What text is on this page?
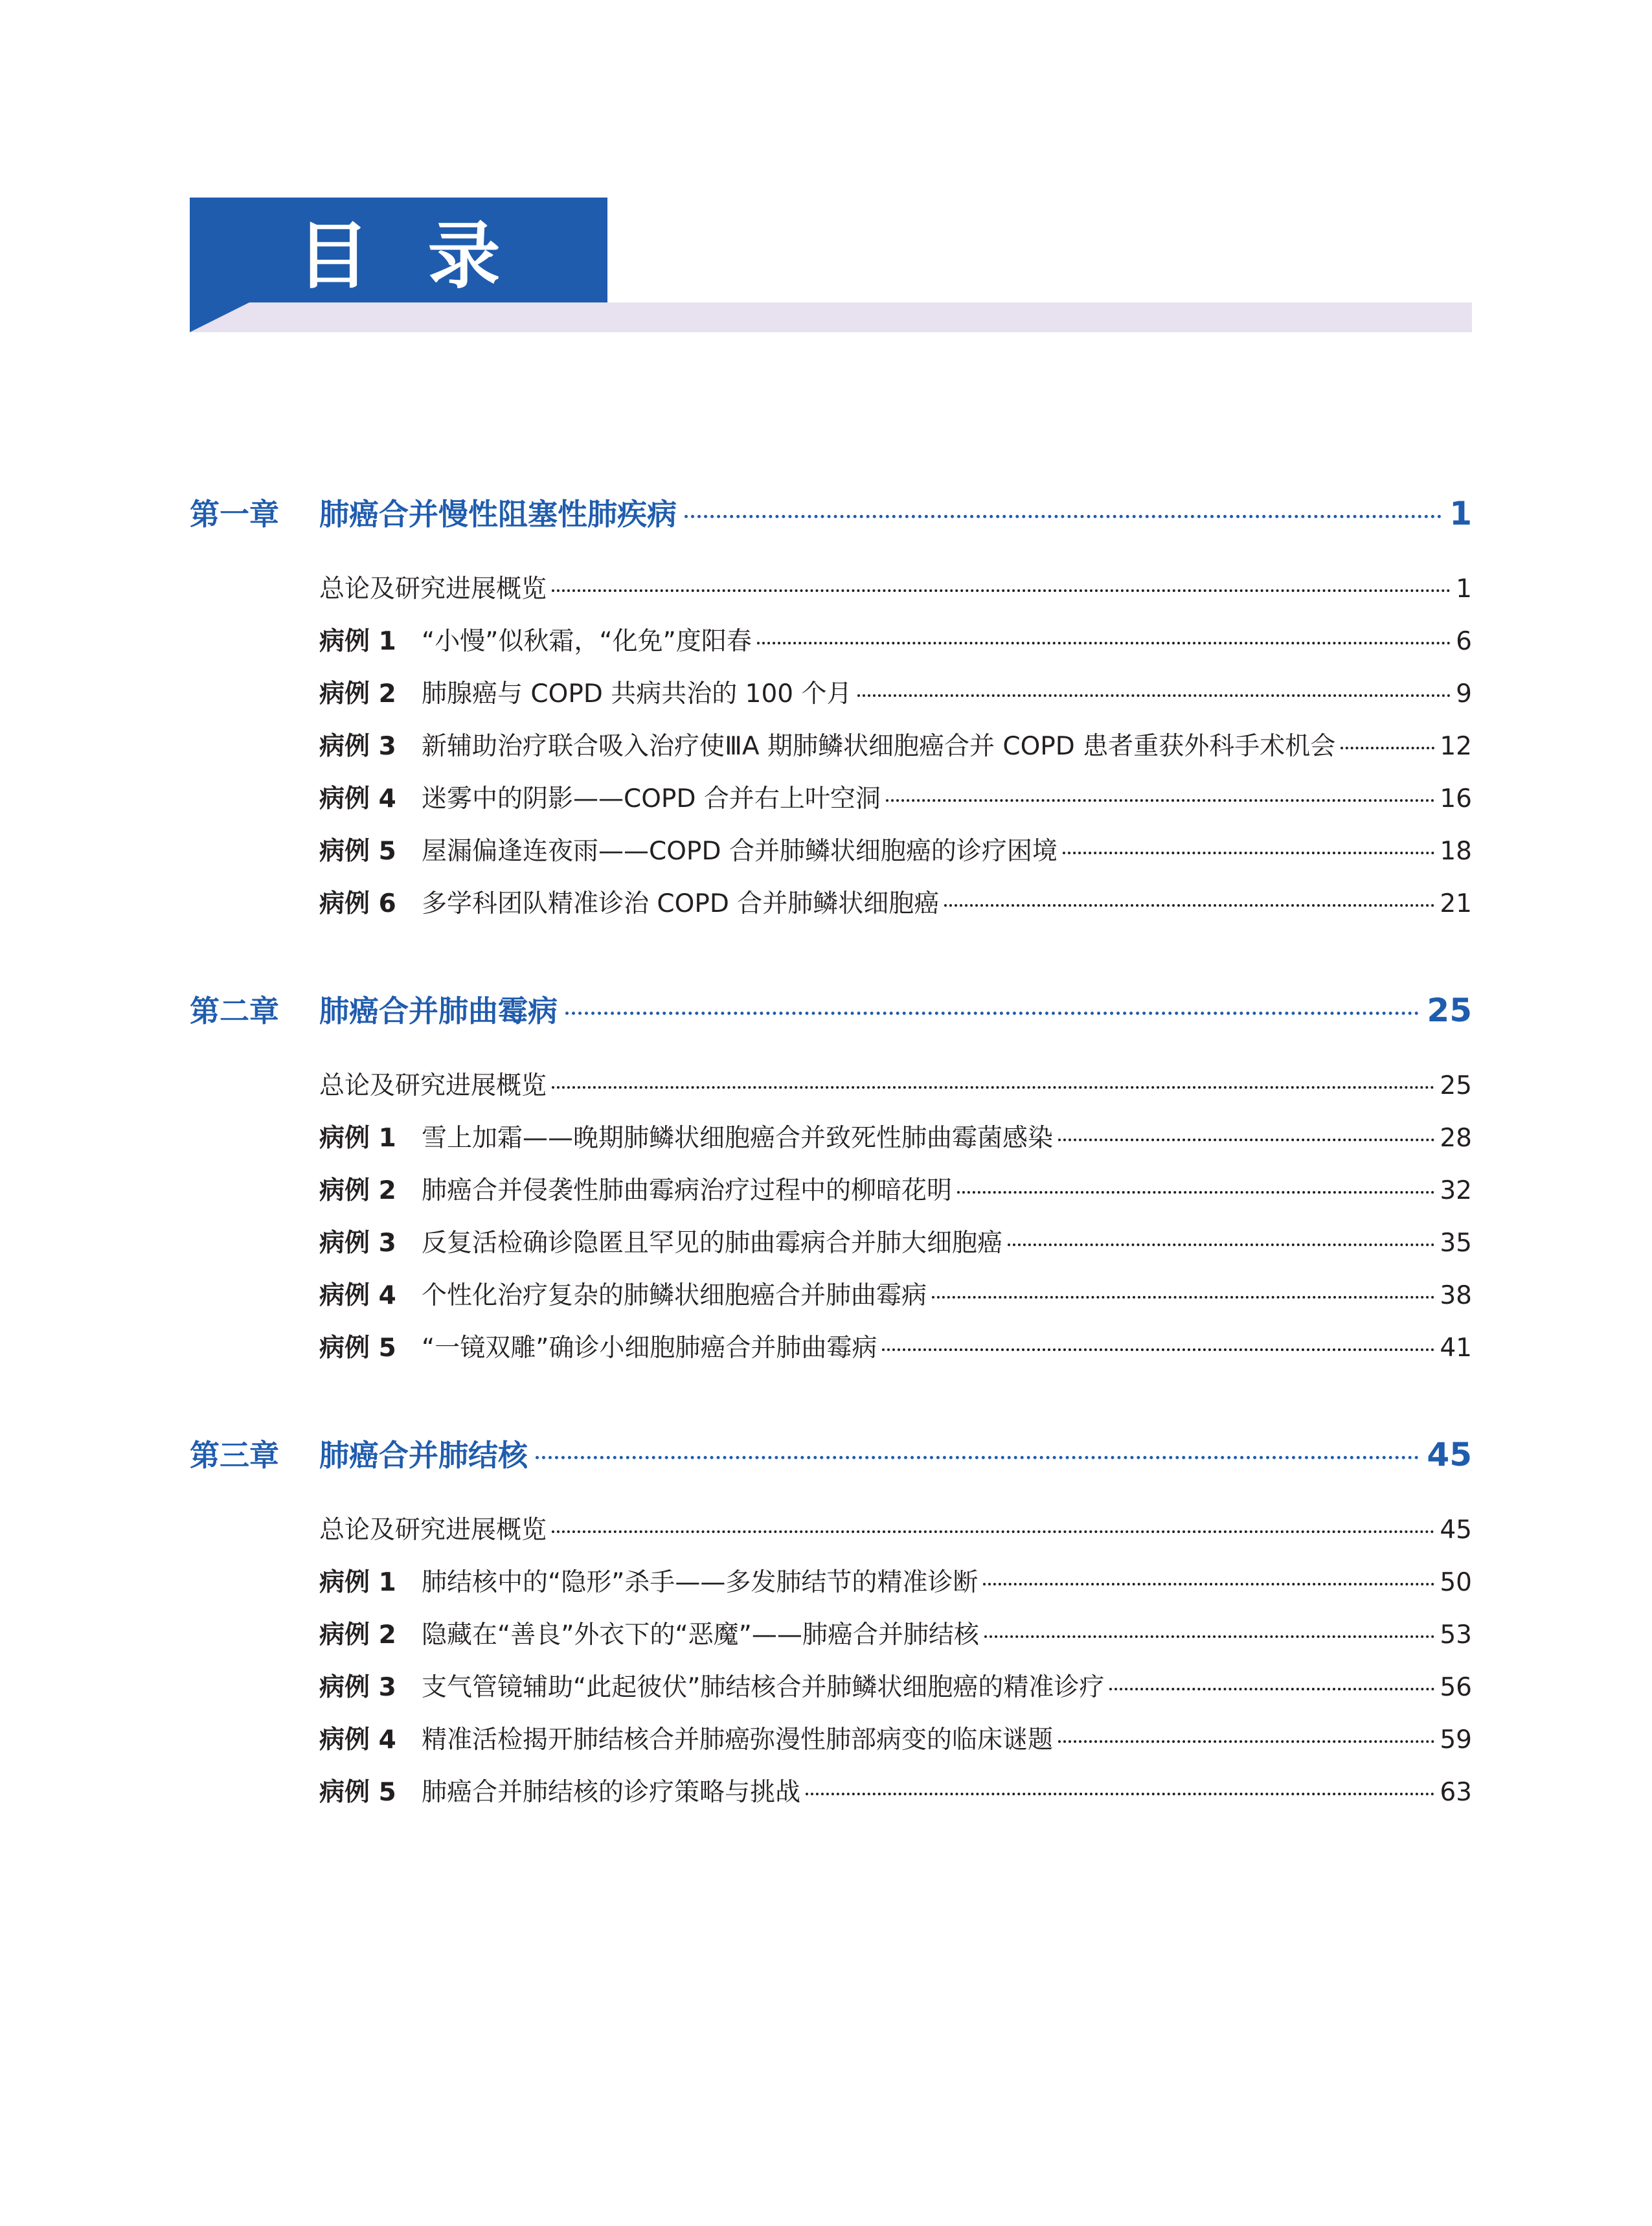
目录
第一章	肺癌合并慢性阻塞性肺疾病	1
总论及研究进展概览	1
病例 1	“小慢”似秋霜，“化免”度阳春	6
病例 2	肺腺癌与 COPD 共病共治的 100 个月	9
病例 3	新辅助治疗联合吸入治疗使ⅢA 期肺鳞状细胞癌合并 COPD 患者重获外科手术机会	12
病例 4	迷雾中的阴影——COPD 合并右上叶空洞	16
病例 5	屋漏偏逢连夜雨——COPD 合并肺鳞状细胞癌的诊疗困境	18
病例 6	多学科团队精准诊治 COPD 合并肺鳞状细胞癌	21
第二章	肺癌合并肺曲霉病	25
总论及研究进展概览	25
病例 1	雪上加霜——晚期肺鳞状细胞癌合并致死性肺曲霉菌感染	28
病例 2	肺癌合并侵袭性肺曲霉病治疗过程中的柳暗花明	32
病例 3	反复活检确诊隐匿且罕见的肺曲霉病合并肺大细胞癌	35
病例 4	个性化治疗复杂的肺鳞状细胞癌合并肺曲霉病	38
病例 5	“一镜双雕”确诊小细胞肺癌合并肺曲霉病	41
第三章	肺癌合并肺结核	45
总论及研究进展概览	45
病例 1	肺结核中的“隐形”杀手——多发肺结节的精准诊断	50
病例 2	隐藏在“善良”外衣下的“恶魔”——肺癌合并肺结核	53
病例 3	支气管镜辅助“此起彼伏”肺结核合并肺鳞状细胞癌的精准诊疗	56
病例 4	精准活检揭开肺结核合并肺癌弥漫性肺部病变的临床谜题	59
病例 5	肺癌合并肺结核的诊疗策略与挑战	63
